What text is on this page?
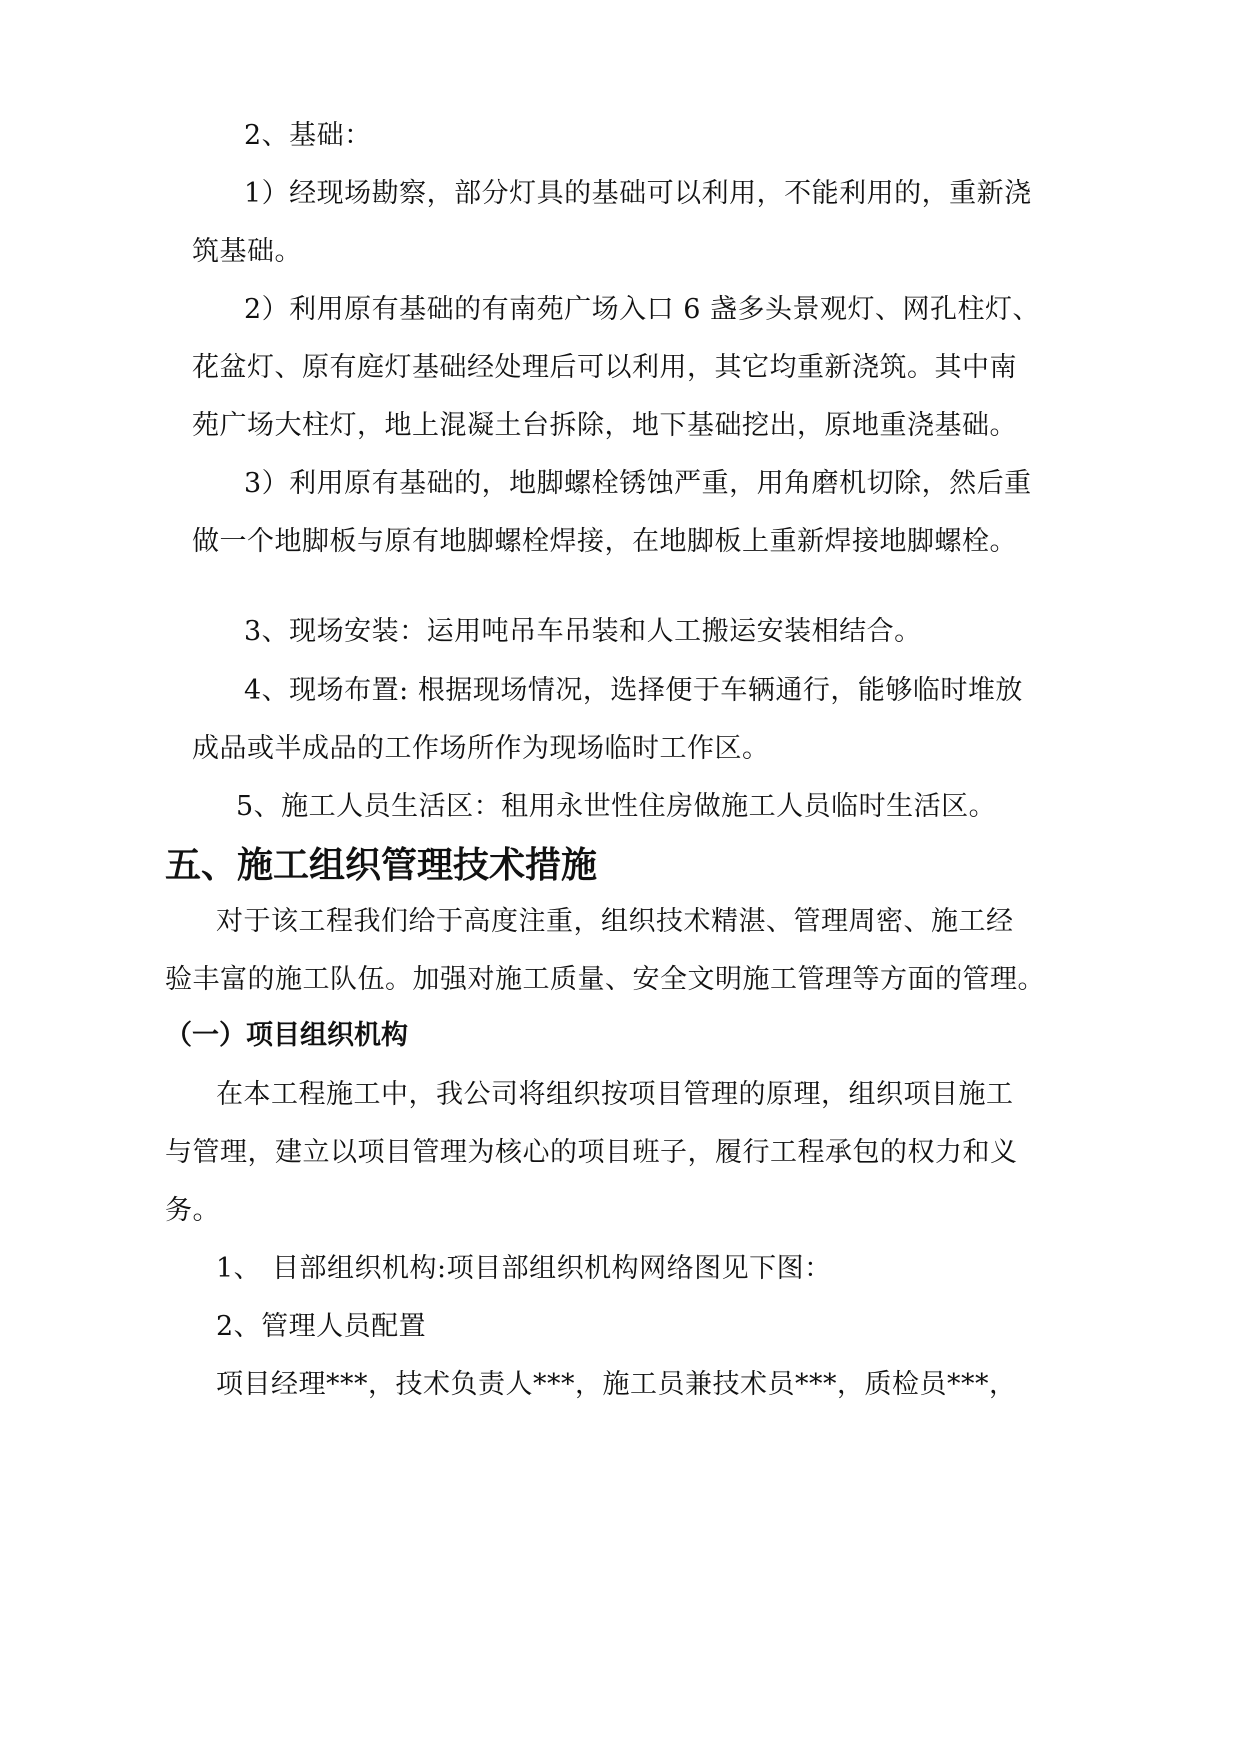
2、基础：
1）经现场勘察，部分灯具的基础可以利用，不能利用的，重新浇
筑基础。
2）利用原有基础的有南苑广场入口 6 盏多头景观灯、网孔柱灯、
花盆灯、原有庭灯基础经处理后可以利用，其它均重新浇筑。其中南
苑广场大柱灯，地上混凝土台拆除，地下基础挖出，原地重浇基础。
3）利用原有基础的，地脚螺栓锈蚀严重，用角磨机切除，然后重
做一个地脚板与原有地脚螺栓焊接，在地脚板上重新焊接地脚螺栓。
3、现场安装：运用吨吊车吊装和人工搬运安装相结合。
4、现场布置: 根据现场情况，选择便于车辆通行，能够临时堆放
成品或半成品的工作场所作为现场临时工作区。
5、施工人员生活区：租用永世性住房做施工人员临时生活区。
五、施工组织管理技术措施
对于该工程我们给于高度注重，组织技术精湛、管理周密、施工经
验丰富的施工队伍。加强对施工质量、安全文明施工管理等方面的管理。
（一）项目组织机构
在本工程施工中，我公司将组织按项目管理的原理，组织项目施工
与管理，建立以项目管理为核心的项目班子，履行工程承包的权力和义
务。
1、 目部组织机构:项目部组织机构网络图见下图：
2、管理人员配置
项目经理***，技术负责人***，施工员兼技术员***，质检员***，
